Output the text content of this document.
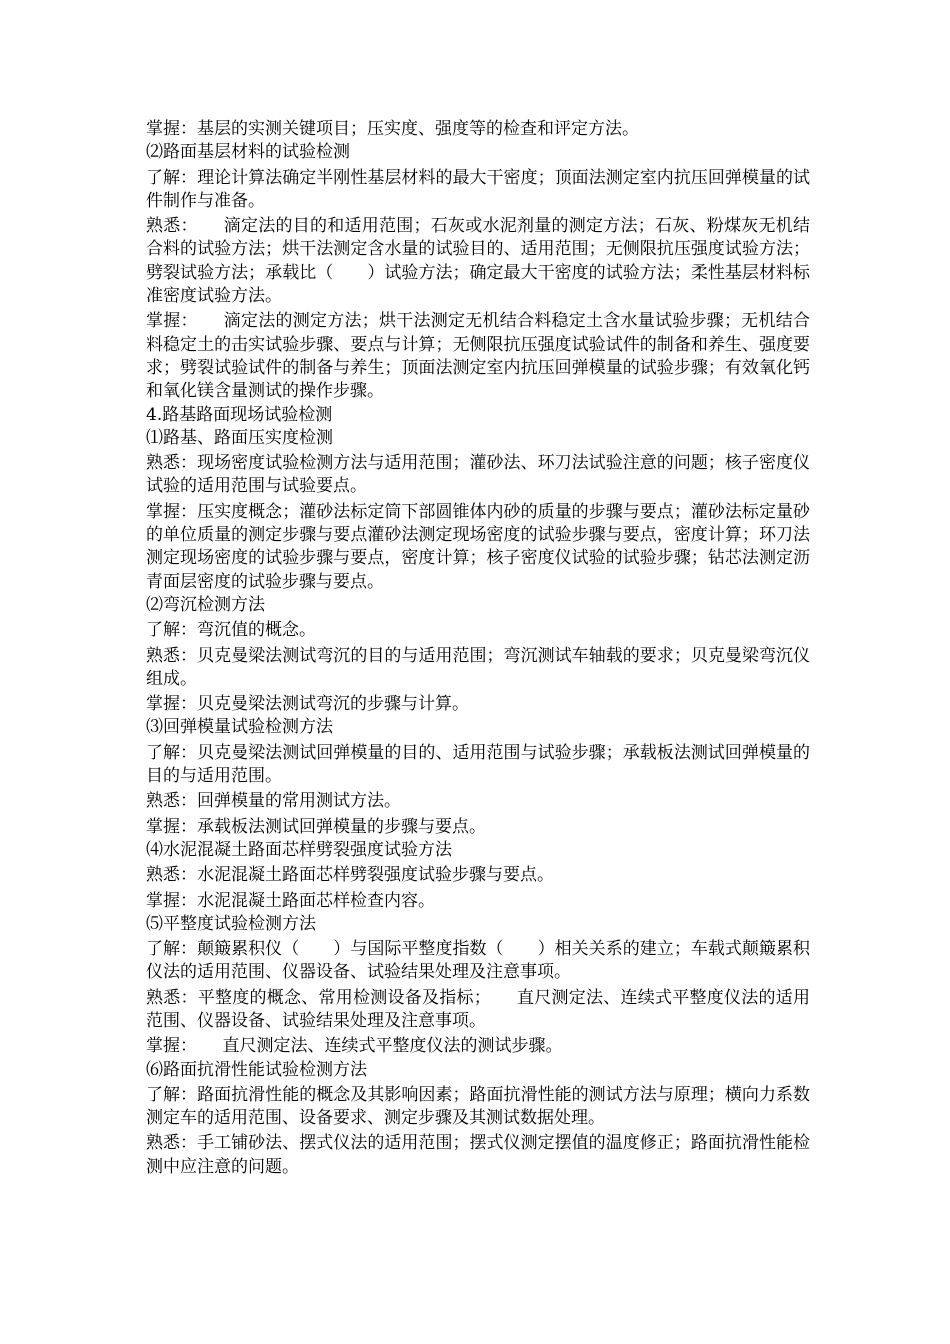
掌握：基层的实测关键项目；压实度、强度等的检查和评定方法。

⑵路面基层材料的试验检测

了解：理论计算法确定半刚性基层材料的最大干密度；顶面法测定室内抗压回弹模量的试件制作与准备。

熟悉：　　滴定法的目的和适用范围；石灰或水泥剂量的测定方法；石灰、粉煤灰无机结合料的试验方法；烘干法测定含水量的试验目的、适用范围；无侧限抗压强度试验方法；劈裂试验方法；承载比（　　）试验方法；确定最大干密度的试验方法；柔性基层材料标准密度试验方法。

掌握：　　滴定法的测定方法；烘干法测定无机结合料稳定土含水量试验步骤；无机结合料稳定土的击实试验步骤、要点与计算；无侧限抗压强度试验试件的制备和养生、强度要求；劈裂试验试件的制备与养生；顶面法测定室内抗压回弹模量的试验步骤；有效氧化钙和氧化镁含量测试的操作步骤。

4.路基路面现场试验检测

⑴路基、路面压实度检测

熟悉：现场密度试验检测方法与适用范围；灌砂法、环刀法试验注意的问题；核子密度仪试验的适用范围与试验要点。

掌握：压实度概念；灌砂法标定筒下部圆锥体内砂的质量的步骤与要点；灌砂法标定量砂的单位质量的测定步骤与要点灌砂法测定现场密度的试验步骤与要点，密度计算；环刀法测定现场密度的试验步骤与要点，密度计算；核子密度仪试验的试验步骤；钻芯法测定沥青面层密度的试验步骤与要点。

⑵弯沉检测方法

了解：弯沉值的概念。

熟悉：贝克曼梁法测试弯沉的目的与适用范围；弯沉测试车轴载的要求；贝克曼梁弯沉仪组成。

掌握：贝克曼梁法测试弯沉的步骤与计算。

⑶回弹模量试验检测方法

了解：贝克曼梁法测试回弹模量的目的、适用范围与试验步骤；承载板法测试回弹模量的目的与适用范围。

熟悉：回弹模量的常用测试方法。

掌握：承载板法测试回弹模量的步骤与要点。

⑷水泥混凝土路面芯样劈裂强度试验方法

熟悉：水泥混凝土路面芯样劈裂强度试验步骤与要点。

掌握：水泥混凝土路面芯样检查内容。

⑸平整度试验检测方法

了解：颠簸累积仪（　　）与国际平整度指数（　　）相关关系的建立；车载式颠簸累积仪法的适用范围、仪器设备、试验结果处理及注意事项。

熟悉：平整度的概念、常用检测设备及指标；　　直尺测定法、连续式平整度仪法的适用范围、仪器设备、试验结果处理及注意事项。

掌握：　　直尺测定法、连续式平整度仪法的测试步骤。

⑹路面抗滑性能试验检测方法

了解：路面抗滑性能的概念及其影响因素；路面抗滑性能的测试方法与原理；横向力系数测定车的适用范围、设备要求、测定步骤及其测试数据处理。

熟悉：手工铺砂法、摆式仪法的适用范围；摆式仪测定摆值的温度修正；路面抗滑性能检测中应注意的问题。
